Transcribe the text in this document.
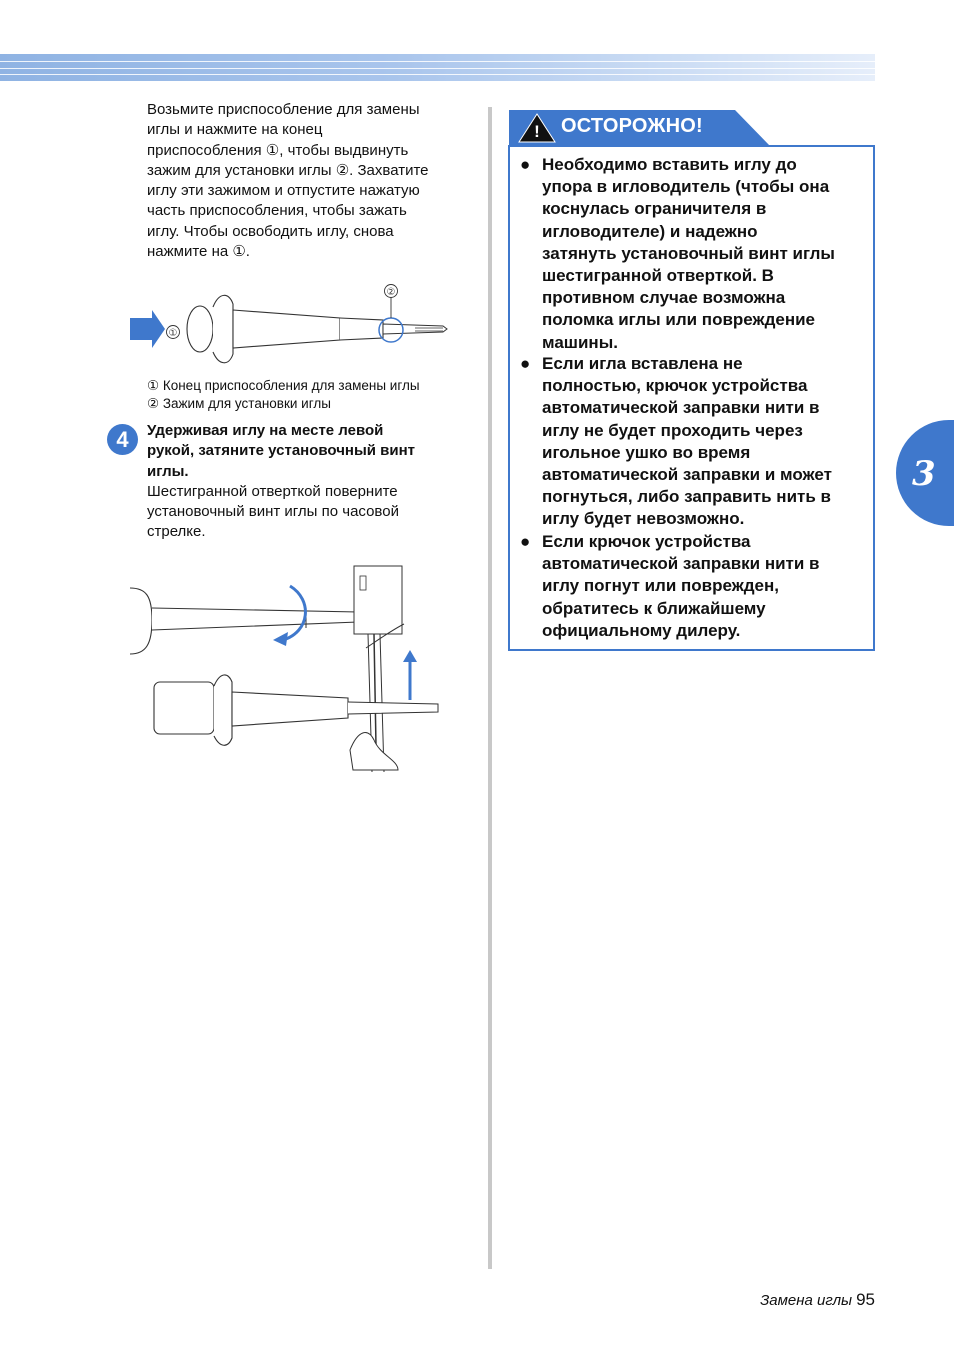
Возьмите приспособление для замены
иглы и нажмите на конец
приспособления ①, чтобы выдвинуть
зажим для установки иглы ②. Захватите
иглу эти зажимом и отпустите нажатую
часть приспособления, чтобы зажать
иглу. Чтобы освободить иглу, снова
нажмите на ①.
①
②
① Конец приспособления для замены иглы
② Зажим для установки иглы
4	Удерживая иглу на месте левой
рукой, затяните установочный винт
иглы.
Шестигранной отверткой поверните
установочный винт иглы по часовой
стрелке.
! ОСТОРОЖНО!
● Необходимо вставить иглу до
упора в игловодитель (чтобы она
коснулась ограничителя в
игловодителе) и надежно
затянуть установочный винт иглы
шестигранной отверткой. В
противном случае возможна
поломка иглы или повреждение
машины.
● Если игла вставлена не
полностью, крючок устройства
автоматической заправки нити в
иглу не будет проходить через
игольное ушко во время
автоматической заправки и может
погнуться, либо заправить нить в
иглу будет невозможно.
● Если крючок устройства
автоматической заправки нити в
иглу погнут или поврежден,
обратитесь к ближайшему
официальному дилеру.
3
Замена иглы 95
